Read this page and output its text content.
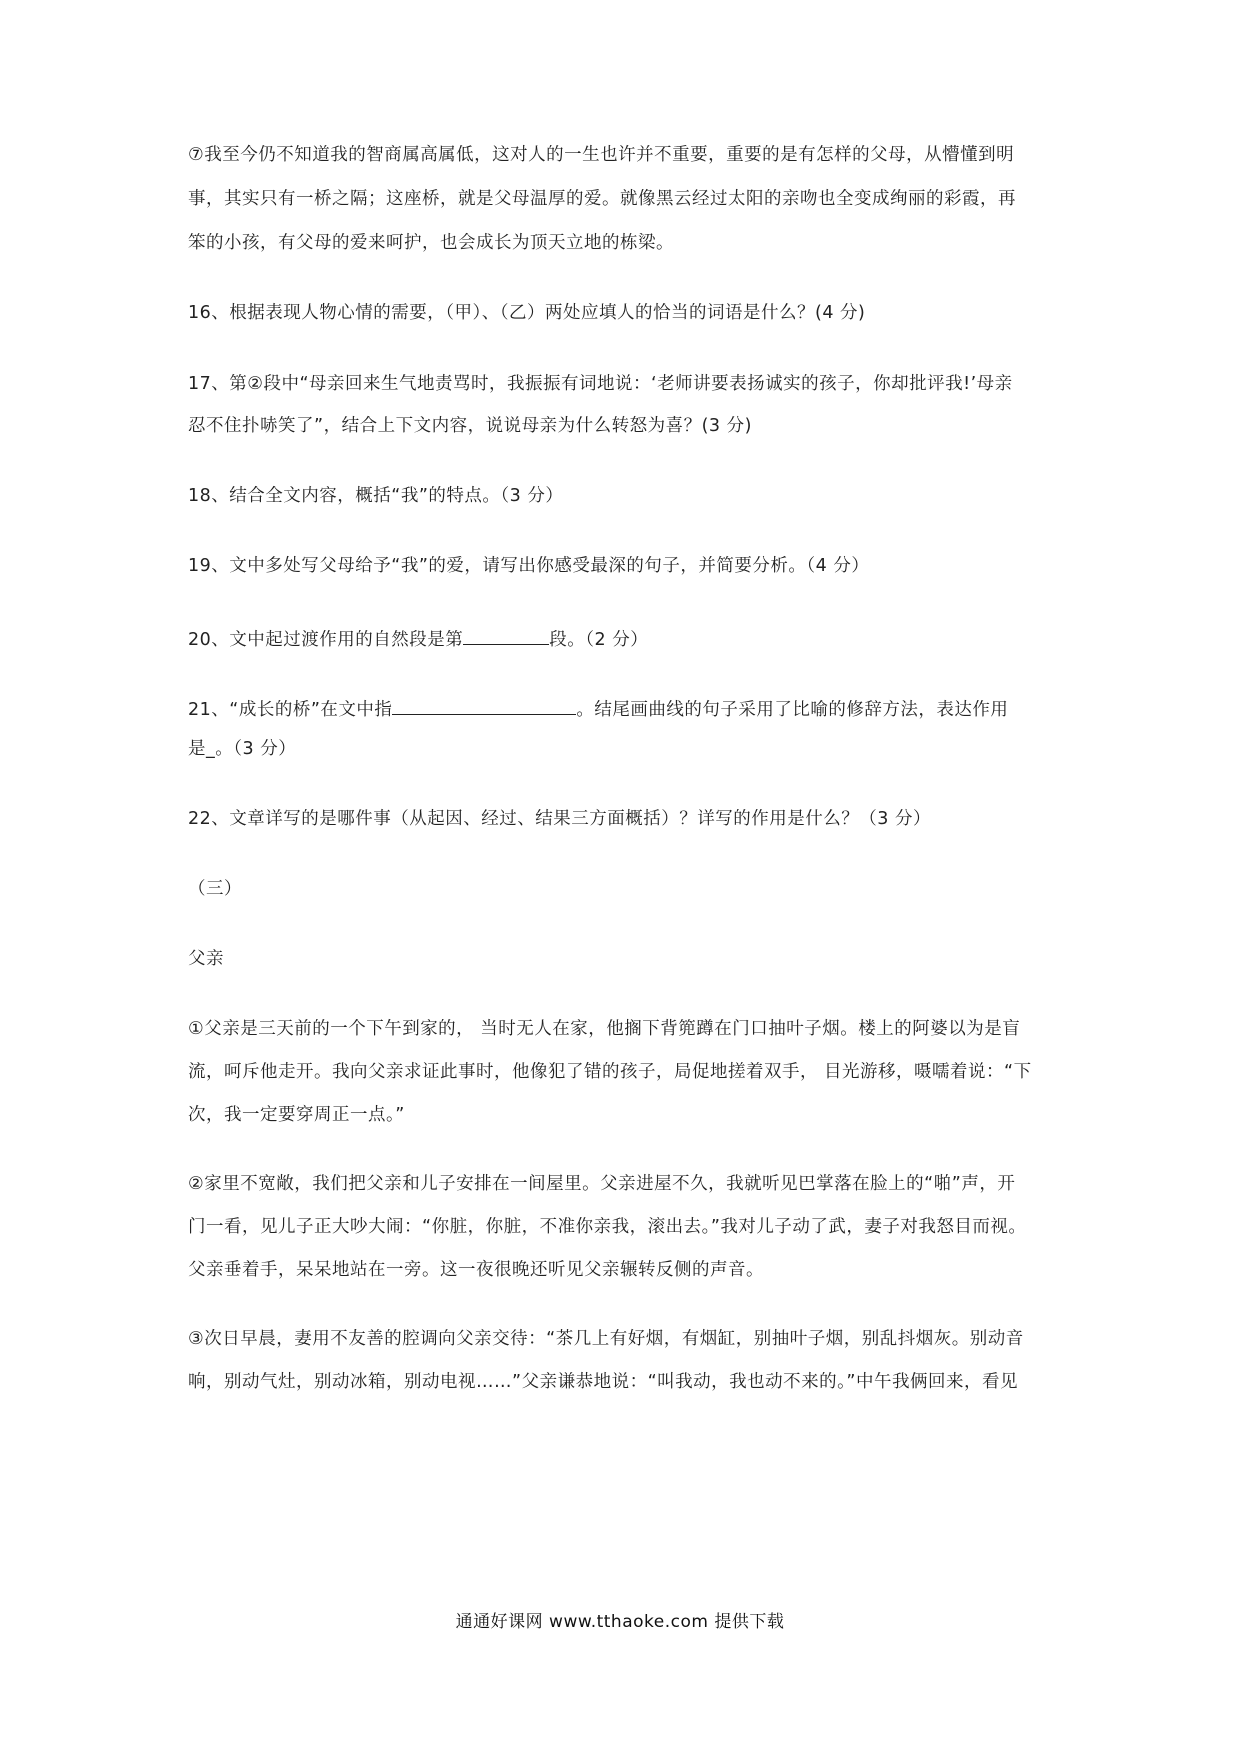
⑦我至今仍不知道我的智商属高属低，这对人的一生也许并不重要，重要的是有怎样的父母，从懵懂到明
事，其实只有一桥之隔；这座桥，就是父母温厚的爱。就像黑云经过太阳的亲吻也全变成绚丽的彩霞，再
笨的小孩，有父母的爱来呵护，也会成长为顶天立地的栋梁。
16、根据表现人物心情的需要，（甲）、（乙）两处应填人的恰当的词语是什么？(4 分)
17、第②段中“母亲回来生气地责骂时，我振振有词地说：‘老师讲要表扬诚实的孩子，你却批评我!’母亲
忍不住扑哧笑了”，结合上下文内容，说说母亲为什么转怒为喜？(3 分)
18、结合全文内容，概括“我”的特点。（3 分）
19、文中多处写父母给予“我”的爱，请写出你感受最深的句子，并简要分析。（4 分）
20、文中起过渡作用的自然段是第	段。（2 分）
21、“成长的桥”在文中指	。结尾画曲线的句子采用了比喻的修辞方法，表达作用
是_。（3 分）
22、文章详写的是哪件事（从起因、经过、结果三方面概括）？详写的作用是什么？（3 分）
（三）
父亲
①父亲是三天前的一个下午到家的， 当时无人在家，他搁下背篼蹲在门口抽叶子烟。楼上的阿婆以为是盲
流，呵斥他走开。我向父亲求证此事时，他像犯了错的孩子，局促地搓着双手， 目光游移，嗫嚅着说：“下
次，我一定要穿周正一点。”
②家里不宽敞，我们把父亲和儿子安排在一间屋里。父亲进屋不久，我就听见巴掌落在脸上的“啪”声，开
门一看，见儿子正大吵大闹：“你脏，你脏，不准你亲我，滚出去。”我对儿子动了武，妻子对我怒目而视。
父亲垂着手，呆呆地站在一旁。这一夜很晚还听见父亲辗转反侧的声音。
③次日早晨，妻用不友善的腔调向父亲交待：“茶几上有好烟，有烟缸，别抽叶子烟，别乱抖烟灰。别动音
响，别动气灶，别动冰箱，别动电视……”父亲谦恭地说：“叫我动，我也动不来的。”中午我俩回来，看见
通通好课网 www.tthaoke.com 提供下载
